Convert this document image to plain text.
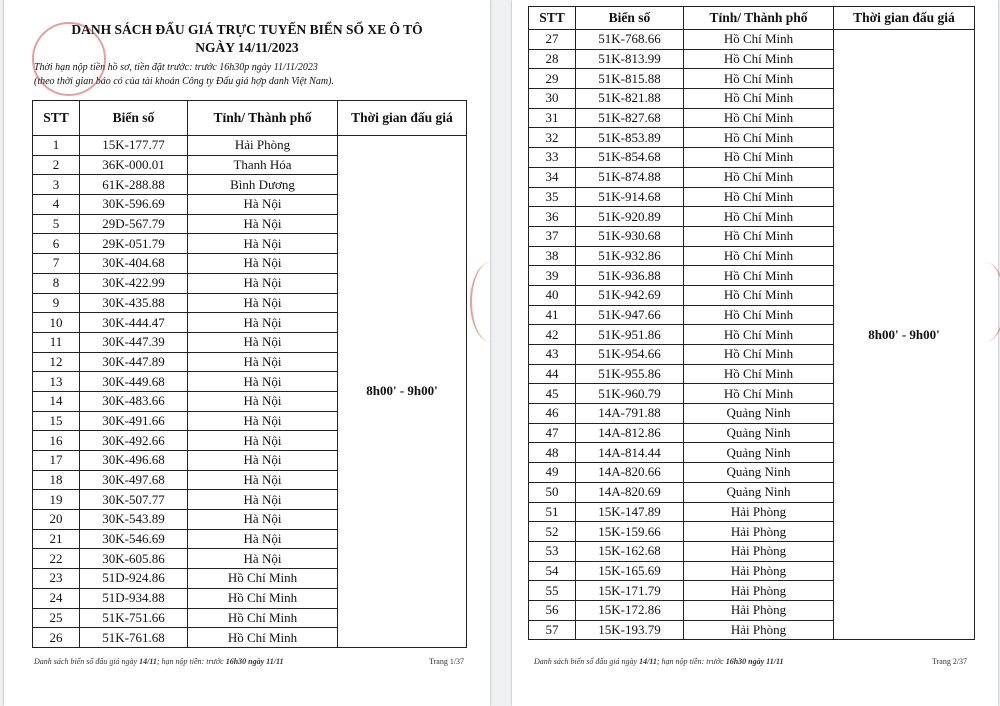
DANH SÁCH ĐẤU GIÁ TRỰC TUYẾN BIỂN SỐ XE Ô TÔ
NGÀY 14/11/2023
Thời hạn nộp tiền hồ sơ, tiền đặt trước: trước 16h30p ngày 11/11/2023
(theo thời gian báo có của tài khoản Công ty Đấu giá hợp danh Việt Nam).
STT	Biển số	Tỉnh/ Thành phố	Thời gian đấu giá
1	15K-177.77	Hải Phòng	8h00' - 9h00'
2	36K-000.01	Thanh Hóa	
3	61K-288.88	Bình Dương	
4	30K-596.69	Hà Nội	
5	29D-567.79	Hà Nội	
6	29K-051.79	Hà Nội	
7	30K-404.68	Hà Nội	
8	30K-422.99	Hà Nội	
9	30K-435.88	Hà Nội	
10	30K-444.47	Hà Nội	
11	30K-447.39	Hà Nội	
12	30K-447.89	Hà Nội	
13	30K-449.68	Hà Nội	
14	30K-483.66	Hà Nội	
15	30K-491.66	Hà Nội	
16	30K-492.66	Hà Nội	
17	30K-496.68	Hà Nội	
18	30K-497.68	Hà Nội	
19	30K-507.77	Hà Nội	
20	30K-543.89	Hà Nội	
21	30K-546.69	Hà Nội	
22	30K-605.86	Hà Nội	
23	51D-924.86	Hồ Chí Minh	
24	51D-934.88	Hồ Chí Minh	
25	51K-751.66	Hồ Chí Minh	
26	51K-761.68	Hồ Chí Minh	
Danh sách biển số đấu giá ngày 14/11; hạn nộp tiền: trước 16h30 ngày 11/11	Trang 1/37
STT	Biển số	Tỉnh/ Thành phố	Thời gian đấu giá
27	51K-768.66	Hồ Chí Minh	8h00' - 9h00'
28	51K-813.99	Hồ Chí Minh	
29	51K-815.88	Hồ Chí Minh	
30	51K-821.88	Hồ Chí Minh	
31	51K-827.68	Hồ Chí Minh	
32	51K-853.89	Hồ Chí Minh	
33	51K-854.68	Hồ Chí Minh	
34	51K-874.88	Hồ Chí Minh	
35	51K-914.68	Hồ Chí Minh	
36	51K-920.89	Hồ Chí Minh	
37	51K-930.68	Hồ Chí Minh	
38	51K-932.86	Hồ Chí Minh	
39	51K-936.88	Hồ Chí Minh	
40	51K-942.69	Hồ Chí Minh	
41	51K-947.66	Hồ Chí Minh	
42	51K-951.86	Hồ Chí Minh	
43	51K-954.66	Hồ Chí Minh	
44	51K-955.86	Hồ Chí Minh	
45	51K-960.79	Hồ Chí Minh	
46	14A-791.88	Quảng Ninh	
47	14A-812.86	Quảng Ninh	
48	14A-814.44	Quảng Ninh	
49	14A-820.66	Quảng Ninh	
50	14A-820.69	Quảng Ninh	
51	15K-147.89	Hải Phòng	
52	15K-159.66	Hải Phòng	
53	15K-162.68	Hải Phòng	
54	15K-165.69	Hải Phòng	
55	15K-171.79	Hải Phòng	
56	15K-172.86	Hải Phòng	
57	15K-193.79	Hải Phòng	
Danh sách biển số đấu giá ngày 14/11; hạn nộp tiền: trước 16h30 ngày 11/11	Trang 2/37
